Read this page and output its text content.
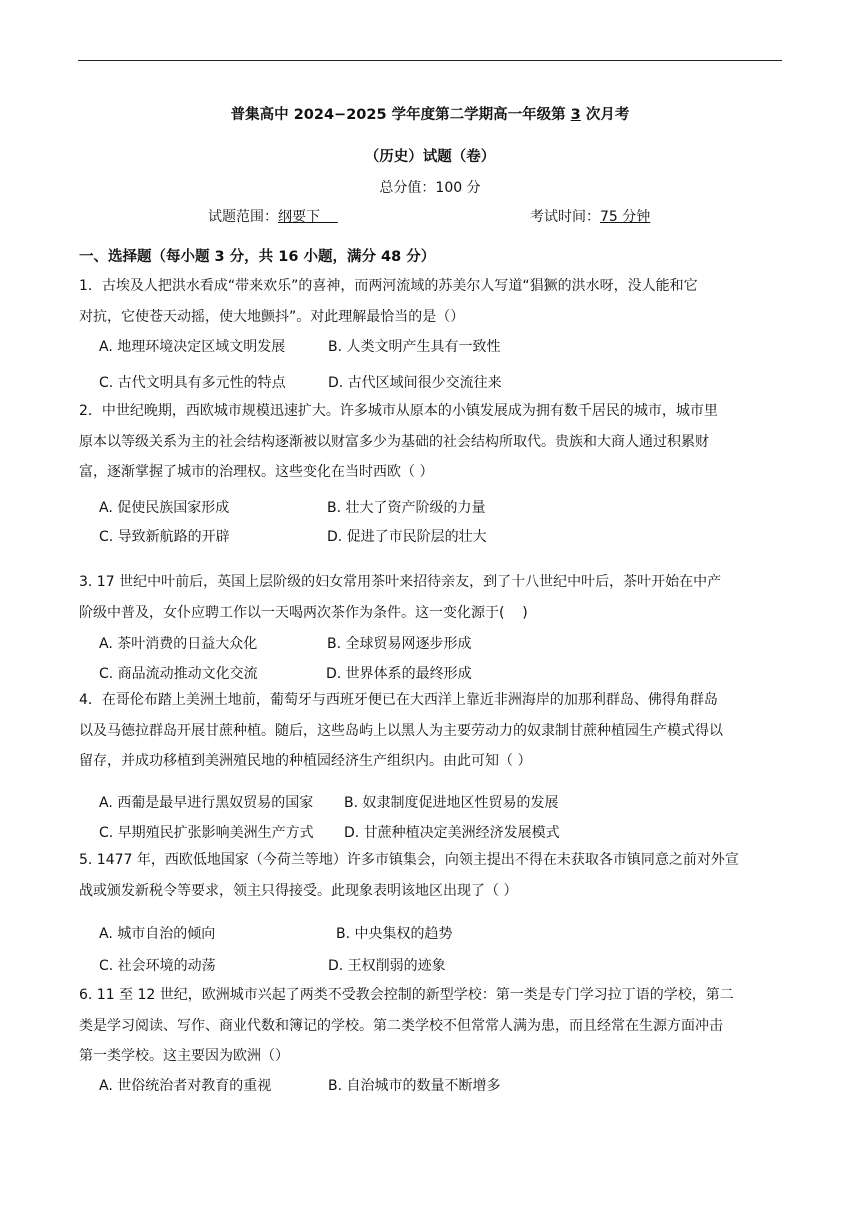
普集高中 2024−2025 学年度第二学期高一年级第 3 次月考
（历史）试题（卷）
总分值：100 分
试题范围：纲要下	考试时间：75 分钟
一、选择题（每小题 3 分，共 16 小题，满分 48 分）
1．古埃及人把洪水看成“带来欢乐”的喜神，而两河流域的苏美尔人写道“猖獗的洪水呀，没人能和它
对抗，它使苍天动摇，使大地颤抖”。对此理解最恰当的是（）
A. 地理环境决定区域文明发展	B. 人类文明产生具有一致性
C. 古代文明具有多元性的特点	D. 古代区域间很少交流往来
2．中世纪晚期，西欧城市规模迅速扩大。许多城市从原本的小镇发展成为拥有数千居民的城市，城市里
原本以等级关系为主的社会结构逐渐被以财富多少为基础的社会结构所取代。贵族和大商人通过积累财
富，逐渐掌握了城市的治理权。这些变化在当时西欧（ ）
A. 促使民族国家形成	B. 壮大了资产阶级的力量
C. 导致新航路的开辟	D. 促进了市民阶层的壮大
3. 17 世纪中叶前后，英国上层阶级的妇女常用茶叶来招待亲友，到了十八世纪中叶后，茶叶开始在中产
阶级中普及，女仆应聘工作以一天喝两次茶作为条件。这一变化源于(    )
A. 茶叶消费的日益大众化	B. 全球贸易网逐步形成
C. 商品流动推动文化交流	D. 世界体系的最终形成
4．在哥伦布踏上美洲土地前，葡萄牙与西班牙便已在大西洋上靠近非洲海岸的加那利群岛、佛得角群岛
以及马德拉群岛开展甘蔗种植。随后，这些岛屿上以黑人为主要劳动力的奴隶制甘蔗种植园生产模式得以
留存，并成功移植到美洲殖民地的种植园经济生产组织内。由此可知（ ）
A. 西葡是最早进行黑奴贸易的国家 B. 奴隶制度促进地区性贸易的发展
C. 早期殖民扩张影响美洲生产方式 D. 甘蔗种植决定美洲经济发展模式
5. 1477 年，西欧低地国家（今荷兰等地）许多市镇集会，向领主提出不得在未获取各市镇同意之前对外宣
战或颁发新税令等要求，领主只得接受。此现象表明该地区出现了（ ）
A. 城市自治的倾向	B. 中央集权的趋势
C. 社会环境的动荡	D. 王权削弱的迹象
6. 11 至 12 世纪，欧洲城市兴起了两类不受教会控制的新型学校：第一类是专门学习拉丁语的学校，第二
类是学习阅读、写作、商业代数和簿记的学校。第二类学校不但常常人满为患，而且经常在生源方面冲击
第一类学校。这主要因为欧洲（）
A. 世俗统治者对教育的重视	B. 自治城市的数量不断增多
